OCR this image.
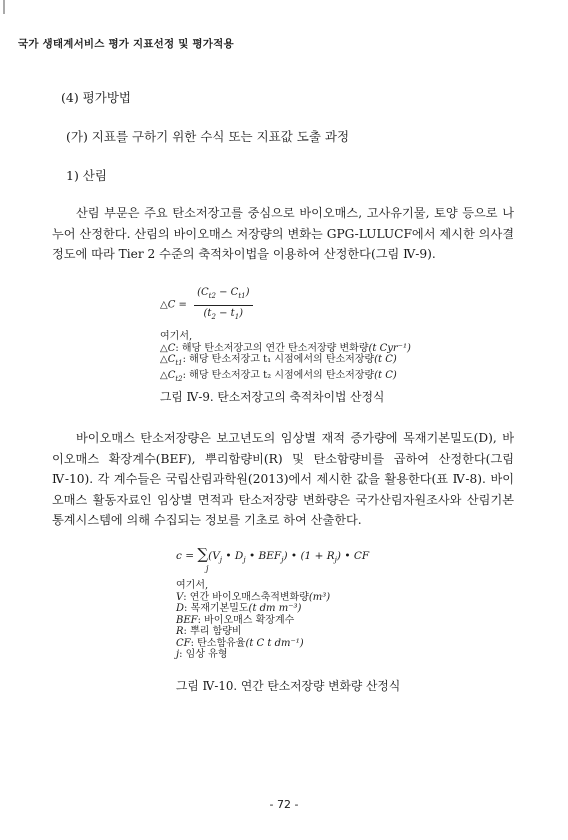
국가 생태계서비스 평가 지표선정 및 평가적용
(4) 평가방법
(가) 지표를 구하기 위한 수식 또는 지표값 도출 과정
1) 산림

산림 부문은 주요 탄소저장고를 중심으로 바이오매스, 고사유기물, 토양 등으로 나누어 산정한다. 산림의 바이오매스 저장량의 변화는 GPG-LULUCF에서 제시한 의사결정도에 따라 Tier 2 수준의 축적차이법을 이용하여 산정한다(그림 Ⅳ-9).

△C = $\frac{(C_{t2} - C_{t1})}{(t_2 - t_1)}$
여기서,
△C: 해당 탄소저장고의 연간 탄소저장량 변화량(t Cyr⁻¹)
$\triangle C_{t1}$: 해당 탄소저장고 t₁ 시점에서의 탄소저장량(t C)
$\triangle C_{t2}$: 해당 탄소저장고 t₂ 시점에서의 탄소저장량(t C)
그림 Ⅳ-9. 탄소저장고의 축적차이법 산정식

바이오매스 탄소저장량은 보고년도의 임상별 재적 증가량에 목재기본밀도(D), 바이오매스 확장계수(BEF), 뿌리함량비(R) 및 탄소함량비를 곱하여 산정한다(그림 Ⅳ-10). 각 계수들은 국립산림과학원(2013)에서 제시한 값을 활용한다(표 Ⅳ-8). 바이오매스 활동자료인 임상별 면적과 탄소저장량 변화량은 국가산림자원조사와 산림기본통계시스템에 의해 수집되는 정보를 기초로 하여 산출한다.

$c = \sum(V_j$ • $D_j$ • $BEF_j$) • $(1 + R_j)$ • CF
j
여기서,
V: 연간 바이오매스축적변화량(m³)
D: 목재기본밀도(t dm m⁻³)
BEF: 바이오매스 확장계수
R: 뿌리 함량비
CF: 탄소함유율(t C t dm⁻¹)
j: 임상 유형
그림 Ⅳ-10. 연간 탄소저장량 변화량 산정식
- 72 -
